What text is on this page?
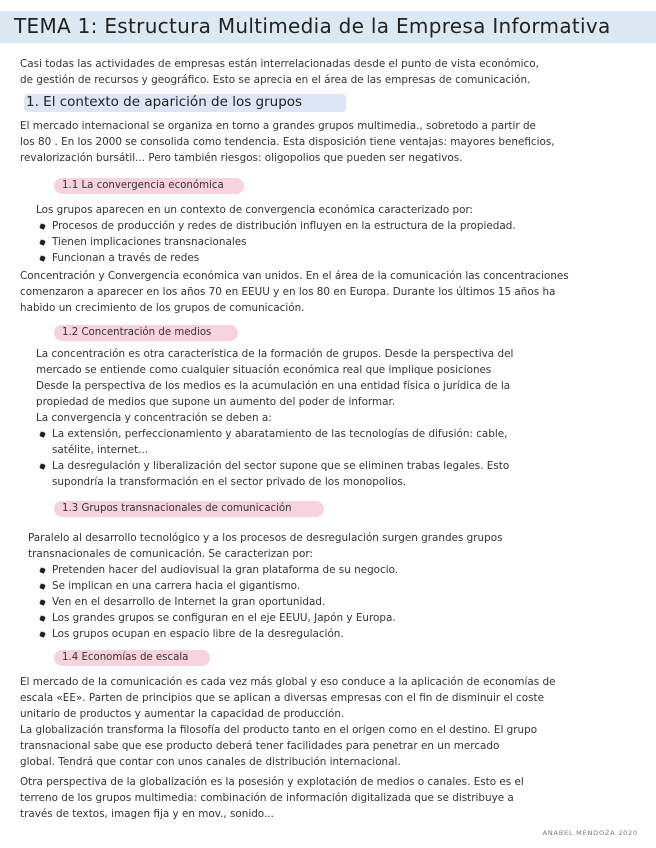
TEMA 1: Estructura Multimedia de la Empresa Informativa
Casi todas las actividades de empresas están interrelacionadas desde el punto de vista económico,
de gestión de recursos y geográfico. Esto se aprecia en el área de las empresas de comunicación.
1. El contexto de aparición de los grupos
El mercado internacional se organiza en torno a grandes grupos multimedia., sobretodo a partir de
los 80 . En los 2000 se consolida como tendencia. Esta disposición tiene ventajas: mayores beneficios,
revalorización bursátil... Pero también riesgos: oligopolios que pueden ser negativos.
1.1 La convergencia económica
Los grupos aparecen en un contexto de convergencia económica caracterizado por:
Procesos de producción y redes de distribución influyen en la estructura de la propiedad.
Tienen implicaciones transnacionales
Funcionan a través de redes
Concentración y Convergencia económica van unidos. En el área de la comunicación las concentraciones
comenzaron a aparecer en los años 70 en EEUU y en los 80 en Europa. Durante los últimos 15 años ha
habido un crecimiento de los grupos de comunicación.
1.2 Concentración de medios
La concentración es otra característica de la formación de grupos. Desde la perspectiva del
mercado se entiende como cualquier situación económica real que implique posiciones
Desde la perspectiva de los medios es la acumulación en una entidad física o jurídica de la
propiedad de medios que supone un aumento del poder de informar.
La convergencia y concentración se deben a:
La extensión, perfeccionamiento y abaratamiento de las tecnologías de difusión: cable,
satélite, internet...
La desregulación y liberalización del sector supone que se eliminen trabas legales. Esto
supondría la transformación en el sector privado de los monopolios.
1.3 Grupos transnacionales de comunicación
Paralelo al desarrollo tecnológico y a los procesos de desregulación surgen grandes grupos
transnacionales de comunicación. Se caracterizan por:
Pretenden hacer del audiovisual la gran plataforma de su negocio.
Se implican en una carrera hacia el gigantismo.
Ven en el desarrollo de Internet la gran oportunidad.
Los grandes grupos se configuran en el eje EEUU, Japón y Europa.
Los grupos ocupan en espacio libre de la desregulación.
1.4 Economías de escala
El mercado de la comunicación es cada vez más global y eso conduce a la aplicación de economías de
escala «EE». Parten de principios que se aplican a diversas empresas con el fin de disminuir el coste
unitario de productos y aumentar la capacidad de producción.
La globalización transforma la filosofía del producto tanto en el origen como en el destino. El grupo
transnacional sabe que ese producto deberá tener facilidades para penetrar en un mercado
global. Tendrá que contar con unos canales de distribución internacional.
Otra perspectiva de la globalización es la posesión y explotación de medios o canales. Esto es el
terreno de los grupos multimedia: combinación de información digitalizada que se distribuye a
través de textos, imagen fija y en mov., sonido...
ANABEL MENDOZA 2020
